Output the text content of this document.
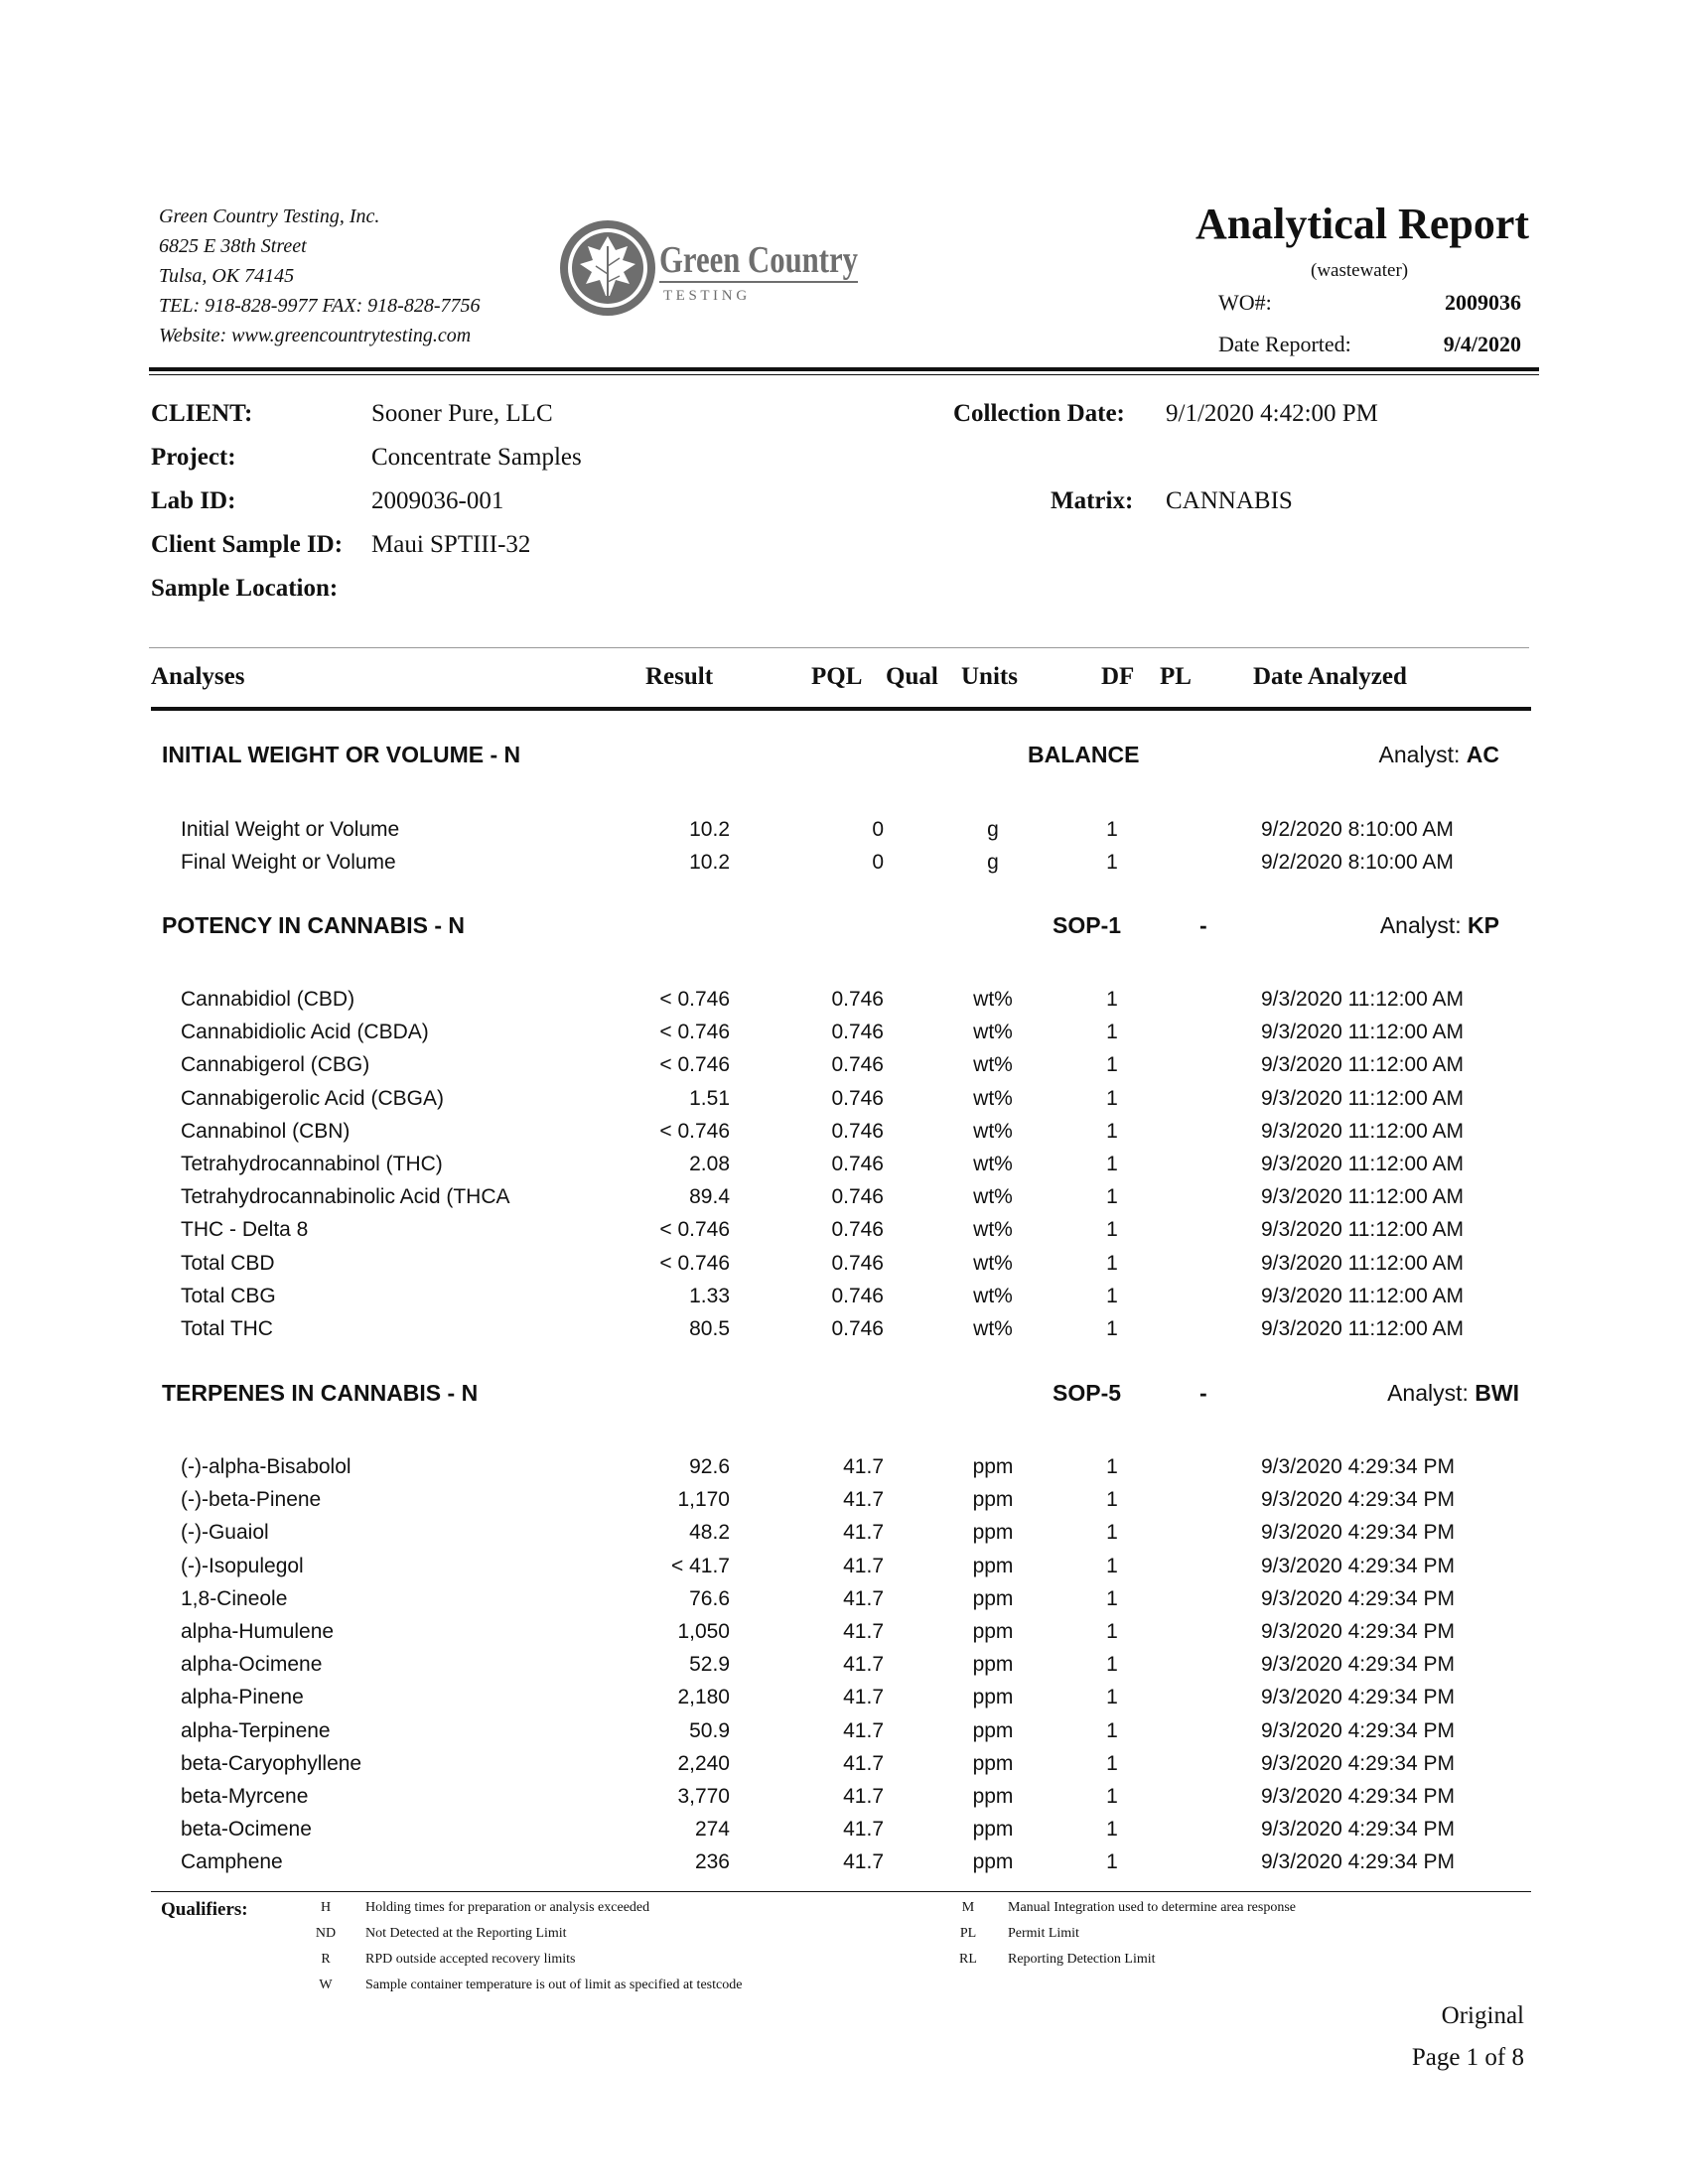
Green Country Testing, Inc.
6825 E 38th Street
Tulsa, OK 74145
TEL: 918-828-9977 FAX: 918-828-7756
Website: www.greencountrytesting.com
Green Country
T E S T I N G
Analytical Report
(wastewater)
WO#:	2009036
Date Reported:	9/4/2020
CLIENT:	Sooner Pure, LLC
Project:	Concentrate Samples
Lab ID:	2009036-001
Client Sample ID: Maui SPTIII-32
Sample Location:
Collection Date: 9/1/2020 4:42:00 PM
Matrix: CANNABIS
Analyses	Result	PQL Qual Units	DF PL Date Analyzed
INITIAL WEIGHT OR VOLUME - N	BALANCE	Analyst: AC
Initial Weight or Volume	10.2	0	g	1	9/2/2020 8:10:00 AM
Final Weight or Volume	10.2	0	g	1	9/2/2020 8:10:00 AM
POTENCY IN CANNABIS - N	SOP-1	-	Analyst: KP
Cannabidiol (CBD)	< 0.746	0.746	wt%	1	9/3/2020 11:12:00 AM
Cannabidiolic Acid (CBDA)	< 0.746	0.746	wt%	1	9/3/2020 11:12:00 AM
Cannabigerol (CBG)	< 0.746	0.746	wt%	1	9/3/2020 11:12:00 AM
Cannabigerolic Acid (CBGA)	1.51	0.746	wt%	1	9/3/2020 11:12:00 AM
Cannabinol (CBN)	< 0.746	0.746	wt%	1	9/3/2020 11:12:00 AM
Tetrahydrocannabinol (THC)	2.08	0.746	wt%	1	9/3/2020 11:12:00 AM
Tetrahydrocannabinolic Acid (THCA	89.4	0.746	wt%	1	9/3/2020 11:12:00 AM
THC - Delta 8	< 0.746	0.746	wt%	1	9/3/2020 11:12:00 AM
Total CBD	< 0.746	0.746	wt%	1	9/3/2020 11:12:00 AM
Total CBG	1.33	0.746	wt%	1	9/3/2020 11:12:00 AM
Total THC	80.5	0.746	wt%	1	9/3/2020 11:12:00 AM
TERPENES IN CANNABIS - N	SOP-5	-	Analyst: BWI
(-)-alpha-Bisabolol	92.6	41.7	ppm	1	9/3/2020 4:29:34 PM
(-)-beta-Pinene	1,170	41.7	ppm	1	9/3/2020 4:29:34 PM
(-)-Guaiol	48.2	41.7	ppm	1	9/3/2020 4:29:34 PM
(-)-Isopulegol	< 41.7	41.7	ppm	1	9/3/2020 4:29:34 PM
1,8-Cineole	76.6	41.7	ppm	1	9/3/2020 4:29:34 PM
alpha-Humulene	1,050	41.7	ppm	1	9/3/2020 4:29:34 PM
alpha-Ocimene	52.9	41.7	ppm	1	9/3/2020 4:29:34 PM
alpha-Pinene	2,180	41.7	ppm	1	9/3/2020 4:29:34 PM
alpha-Terpinene	50.9	41.7	ppm	1	9/3/2020 4:29:34 PM
beta-Caryophyllene	2,240	41.7	ppm	1	9/3/2020 4:29:34 PM
beta-Myrcene	3,770	41.7	ppm	1	9/3/2020 4:29:34 PM
beta-Ocimene	274	41.7	ppm	1	9/3/2020 4:29:34 PM
Camphene	236	41.7	ppm	1	9/3/2020 4:29:34 PM
Qualifiers:	H	Holding times for preparation or analysis exceeded
ND	Not Detected at the Reporting Limit
R	RPD outside accepted recovery limits
W	Sample container temperature is out of limit as specified at testcode
M	Manual Integration used to determine area response
PL	Permit Limit
RL	Reporting Detection Limit
Original
Page 1 of 8
